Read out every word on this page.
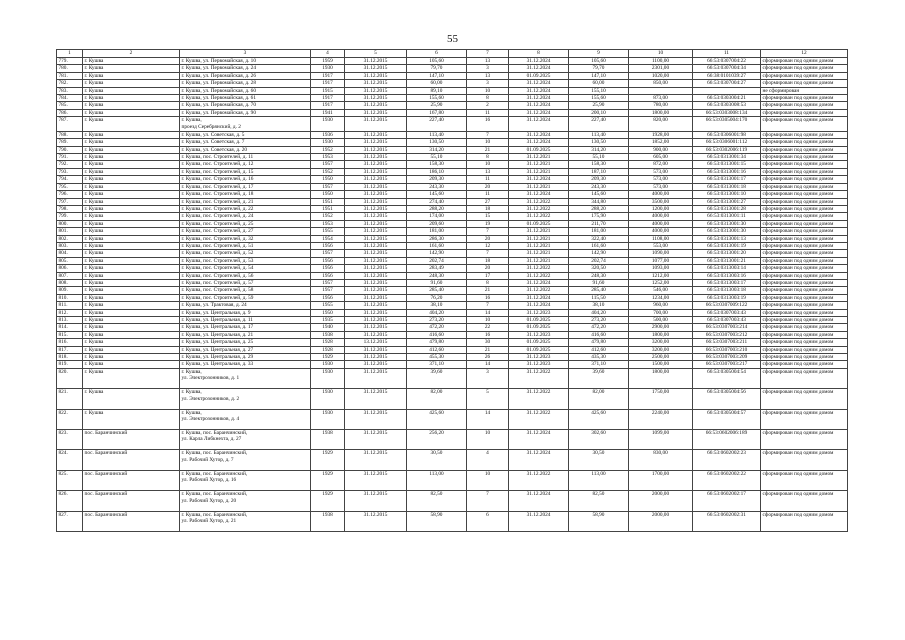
55
1	2	3	4	5	6	7	8	9	10	11	12
779.	г. Кушва	г. Кушва, ул. Первомайская, д. 10	1959	31.12.2015	105,60	13	31.12.2024	105,60	1100,00	66:53:0307004:22	сформирован под одним домом
780.	г. Кушва	г. Кушва, ул. Первомайская, д. 24	1930	31.12.2015	79,70	3	31.12.2024	79,70	2301,00	66:53:0307004:34	сформирован под одним домом
781.	г. Кушва	г. Кушва, ул. Первомайская, д. 26	1917	31.12.2015	147,10	13	01.09.2025	147,10	1020,00	66:38:0101039:27	сформирован под одним домом
782.	г. Кушва	г. Кушва, ул. Первомайская, д. 28	1917	31.12.2015	60,00	3	31.12.2024	60,00	850,00	66:53:0307004:27	сформирован под одним домом
783.	г. Кушва	г. Кушва, ул. Первомайская, д. 60	1915	31.12.2015	89,10	10	31.12.2024	155,10			не сформирован
784.	г. Кушва	г. Кушва, ул. Первомайская, д. 61	1917	31.12.2015	155,60	8	31.12.2024	155,60	873,00	66:53:0303004:21	сформирован под одним домом
785.	г. Кушва	г. Кушва, ул. Первомайская, д. 70	1917	31.12.2015	25,90	2	31.12.2024	25,90	780,00	66:53:0303008:53	сформирован под одним домом
786.	г. Кушва	г. Кушва, ул. Первомайская, д. 90	1941	31.12.2015	167,80	11	31.12.2024	200,10	1800,00	66:53:0303008:134	сформирован под одним домом
787.	г. Кушва	г. Кушва,
проезд Серебрянский, д. 2	1930	31.12.2015	227,40	16	31.12.2024	227,40	820,00	66:53:0305004:170	сформирован под одним домом
788.	г. Кушва	г. Кушва, ул. Советская, д. 5	1936	31.12.2015	113,40	7	31.12.2024	113,40	1928,00	66:53:0306001:98	сформирован под одним домом
789.	г. Кушва	г. Кушва, ул. Советская, д. 7	1930	31.12.2015	130,50	10	31.12.2024	130,50	1852,00	66:53:0306001:112	сформирован под одним домом
790.	г. Кушва	г. Кушва, ул. Советская, д. 20	1952	31.12.2015	314,20	21	01.09.2025	314,20	900,00	66:53:0302006:119	сформирован под одним домом
791.	г. Кушва	г. Кушва, пос. Строителей, д. 11	1953	31.12.2015	55,10	8	31.12.2021	55,10	605,00	66:53:0313001:34	сформирован под одним домом
792.	г. Кушва	г. Кушва, пос. Строителей, д. 12	1957	31.12.2015	158,30	10	31.12.2021	158,30	872,00	66:53:0313001:15	сформирован под одним домом
793.	г. Кушва	г. Кушва, пос. Строителей, д. 15	1952	31.12.2015	186,10	13	31.12.2021	187,10	573,00	66:53:0313001:16	сформирован под одним домом
794.	г. Кушва	г. Кушва, пос. Строителей, д. 16	1950	31.12.2015	209,30	11	31.12.2024	209,30	573,00	66:53:0313001:17	сформирован под одним домом
795.	г. Кушва	г. Кушва, пос. Строителей, д. 17	1957	31.12.2015	243,30	20	31.12.2021	243,30	573,00	66:53:0313001:18	сформирован под одним домом
796.	г. Кушва	г. Кушва, пос. Строителей, д. 18	1950	31.12.2015	145,60	11	31.12.2024	145,60	4000,00	66:53:0313001:10	сформирован под одним домом
797.	г. Кушва	г. Кушва, пос. Строителей, д. 21	1951	31.12.2015	274,40	27	31.12.2022	344,80	3500,00	66:53:0313001:27	сформирован под одним домом
798.	г. Кушва	г. Кушва, пос. Строителей, д. 22	1951	31.12.2015	288,20	18	31.12.2022	288,20	1200,00	66:53:0313001:28	сформирован под одним домом
799.	г. Кушва	г. Кушва, пос. Строителей, д. 24	1952	31.12.2015	174,00	15	31.12.2022	175,90	4000,00	66:53:0313001:11	сформирован под одним домом
800.	г. Кушва	г. Кушва, пос. Строителей, д. 25	1953	31.12.2015	209,60	19	01.09.2025	211,70	4000,00	66:53:0313001:30	сформирован под одним домом
801.	г. Кушва	г. Кушва, пос. Строителей, д. 27	1955	31.12.2015	181,00	7	31.12.2021	181,00	4000,00	66:53:0313001:30	сформирован под одним домом
802.	г. Кушва	г. Кушва, пос. Строителей, д. 32	1954	31.12.2015	286,30	20	31.12.2021	322,40	1108,00	66:53:0313001:13	сформирован под одним домом
803.	г. Кушва	г. Кушва, пос. Строителей, д. 51	1956	31.12.2015	161,60	12	31.12.2021	161,60	553,00	66:53:0313001:19	сформирован под одним домом
804.	г. Кушва	г. Кушва, пос. Строителей, д. 52	1957	31.12.2015	142,90	7	31.12.2021	142,90	1090,00	66:53:0313001:20	сформирован под одним домом
805.	г. Кушва	г. Кушва, пос. Строителей, д. 53	1956	31.12.2015	202,74	18	31.12.2021	202,74	1077,00	66:53:0313001:21	сформирован под одним домом
806.	г. Кушва	г. Кушва, пос. Строителей, д. 54	1956	31.12.2015	283,49	20	31.12.2022	320,50	1093,00	66:53:0313003:14	сформирован под одним домом
807.	г. Кушва	г. Кушва, пос. Строителей, д. 56	1956	31.12.2015	248,30	17	31.12.2022	248,30	1212,00	66:53:0313003:16	сформирован под одним домом
808.	г. Кушва	г. Кушва, пос. Строителей, д. 57	1957	31.12.2015	91,60	8	31.12.2024	91,60	1252,00	66:53:0313003:17	сформирован под одним домом
809.	г. Кушва	г. Кушва, пос. Строителей, д. 58	1957	31.12.2015	285,40	21	31.12.2022	285,40	546,00	66:53:0313003:18	сформирован под одним домом
810.	г. Кушва	г. Кушва, пос. Строителей, д. 59	1956	31.12.2015	76,20	16	31.12.2024	115,50	1234,00	66:53:0313003:19	сформирован под одним домом
811.	г. Кушва	г. Кушва, ул. Трактовая, д. 24	1955	31.12.2015	38,10	7	31.12.2024	38,10	960,00	66:53:0307009:122	сформирован под одним домом
812.	г. Кушва	г. Кушва, ул. Центральная, д. 9	1950	31.12.2015	404,20	14	31.12.2023	404,20	700,00	66:53:0307003:43	сформирован под одним домом
813.	г. Кушва	г. Кушва, ул. Центральная, д. 11	1935	31.12.2015	273,20	10	01.09.2025	273,20	500,00	66:53:0307003:43	сформирован под одним домом
814.	г. Кушва	г. Кушва, ул. Центральная, д. 17	1940	31.12.2015	472,20	22	01.09.2025	472,20	2900,00	66:53:0307003:214	сформирован под одним домом
815.	г. Кушва	г. Кушва, ул. Центральная, д. 21	1938	31.12.2015	416,60	16	31.12.2023	416,60	1800,00	66:53:0307003:212	сформирован под одним домом
816.	г. Кушва	г. Кушва, ул. Центральная, д. 25	1928	13.12.2015	479,80	30	01.09.2025	479,80	3200,00	66:53:0307003:211	сформирован под одним домом
817.	г. Кушва	г. Кушва, ул. Центральная, д. 27	1928	31.12.2015	412,60	21	01.09.2025	412,60	3200,00	66:53:0307003:210	сформирован под одним домом
818.	г. Кушва	г. Кушва, ул. Центральная, д. 29	1929	31.12.2015	455,30	26	31.12.2023	435,30	2500,00	66:53:0307003:209	сформирован под одним домом
819.	г. Кушва	г. Кушва, ул. Центральная, д. 33	1930	31.12.2015	371,10	14	31.12.2023	371,10	1500,00	66:53:0307003:217	сформирован под одним домом
820.	г. Кушва	г. Кушва,
ул. Электрозонников, д. 1	1930	31.12.2015	39,60	3	31.12.2022	39,60	1800,00	66:53:0305004:54	сформирован под одним домом
821.	г. Кушва	г. Кушва,
ул. Электрозонников, д. 2	1930	31.12.2015	82,00	5	31.12.2022	82,00	1750,00	66:53:0305004:56	сформирован под одним домом
822.	г. Кушва	г. Кушва,
ул. Электрозонников, д. 4	1930	31.12.2015	425,60	14	31.12.2022	425,60	2240,00	66:53:0305004:57	сформирован под одним домом
823.	пос. Баранчинский	г. Кушва, пос. Баранчинский,
ул. Карла Либкнехта, д. 27	1938	31.12.2015	256,20	10	31.12.2024	302,60	1099,00	66:53:0602006:189	сформирован под одним домом
824.	пос. Баранчинский	г. Кушва, пос. Баранчинский,
ул. Рабочий Хутор, д. 7	1929	31.12.2015	30,50	4	31.12.2024	30,50	830,00	66:53:0602002:23	сформирован под одним домом
825.	пос. Баранчинский	г. Кушва, пос. Баранчинский,
ул. Рабочий Хутор, д. 16	1929	31.12.2015	113,00	10	31.12.2022	113,00	1700,00	66:53:0602002:22	сформирован под одним домом
826.	пос. Баранчинский	г. Кушва, пос. Баранчинский,
ул. Рабочий Хутор, д. 20	1929	31.12.2015	82,50	7	31.12.2024	82,50	2000,00	66:53:0602002:17	сформирован под одним домом
827.	пос. Баранчинский	г. Кушва, пос. Баранчинский,
ул. Рабочий Хутор, д. 21	1938	31.12.2015	58,90	6	31.12.2024	58,90	2000,00	66:53:0602002:31	сформирован под одним домом
